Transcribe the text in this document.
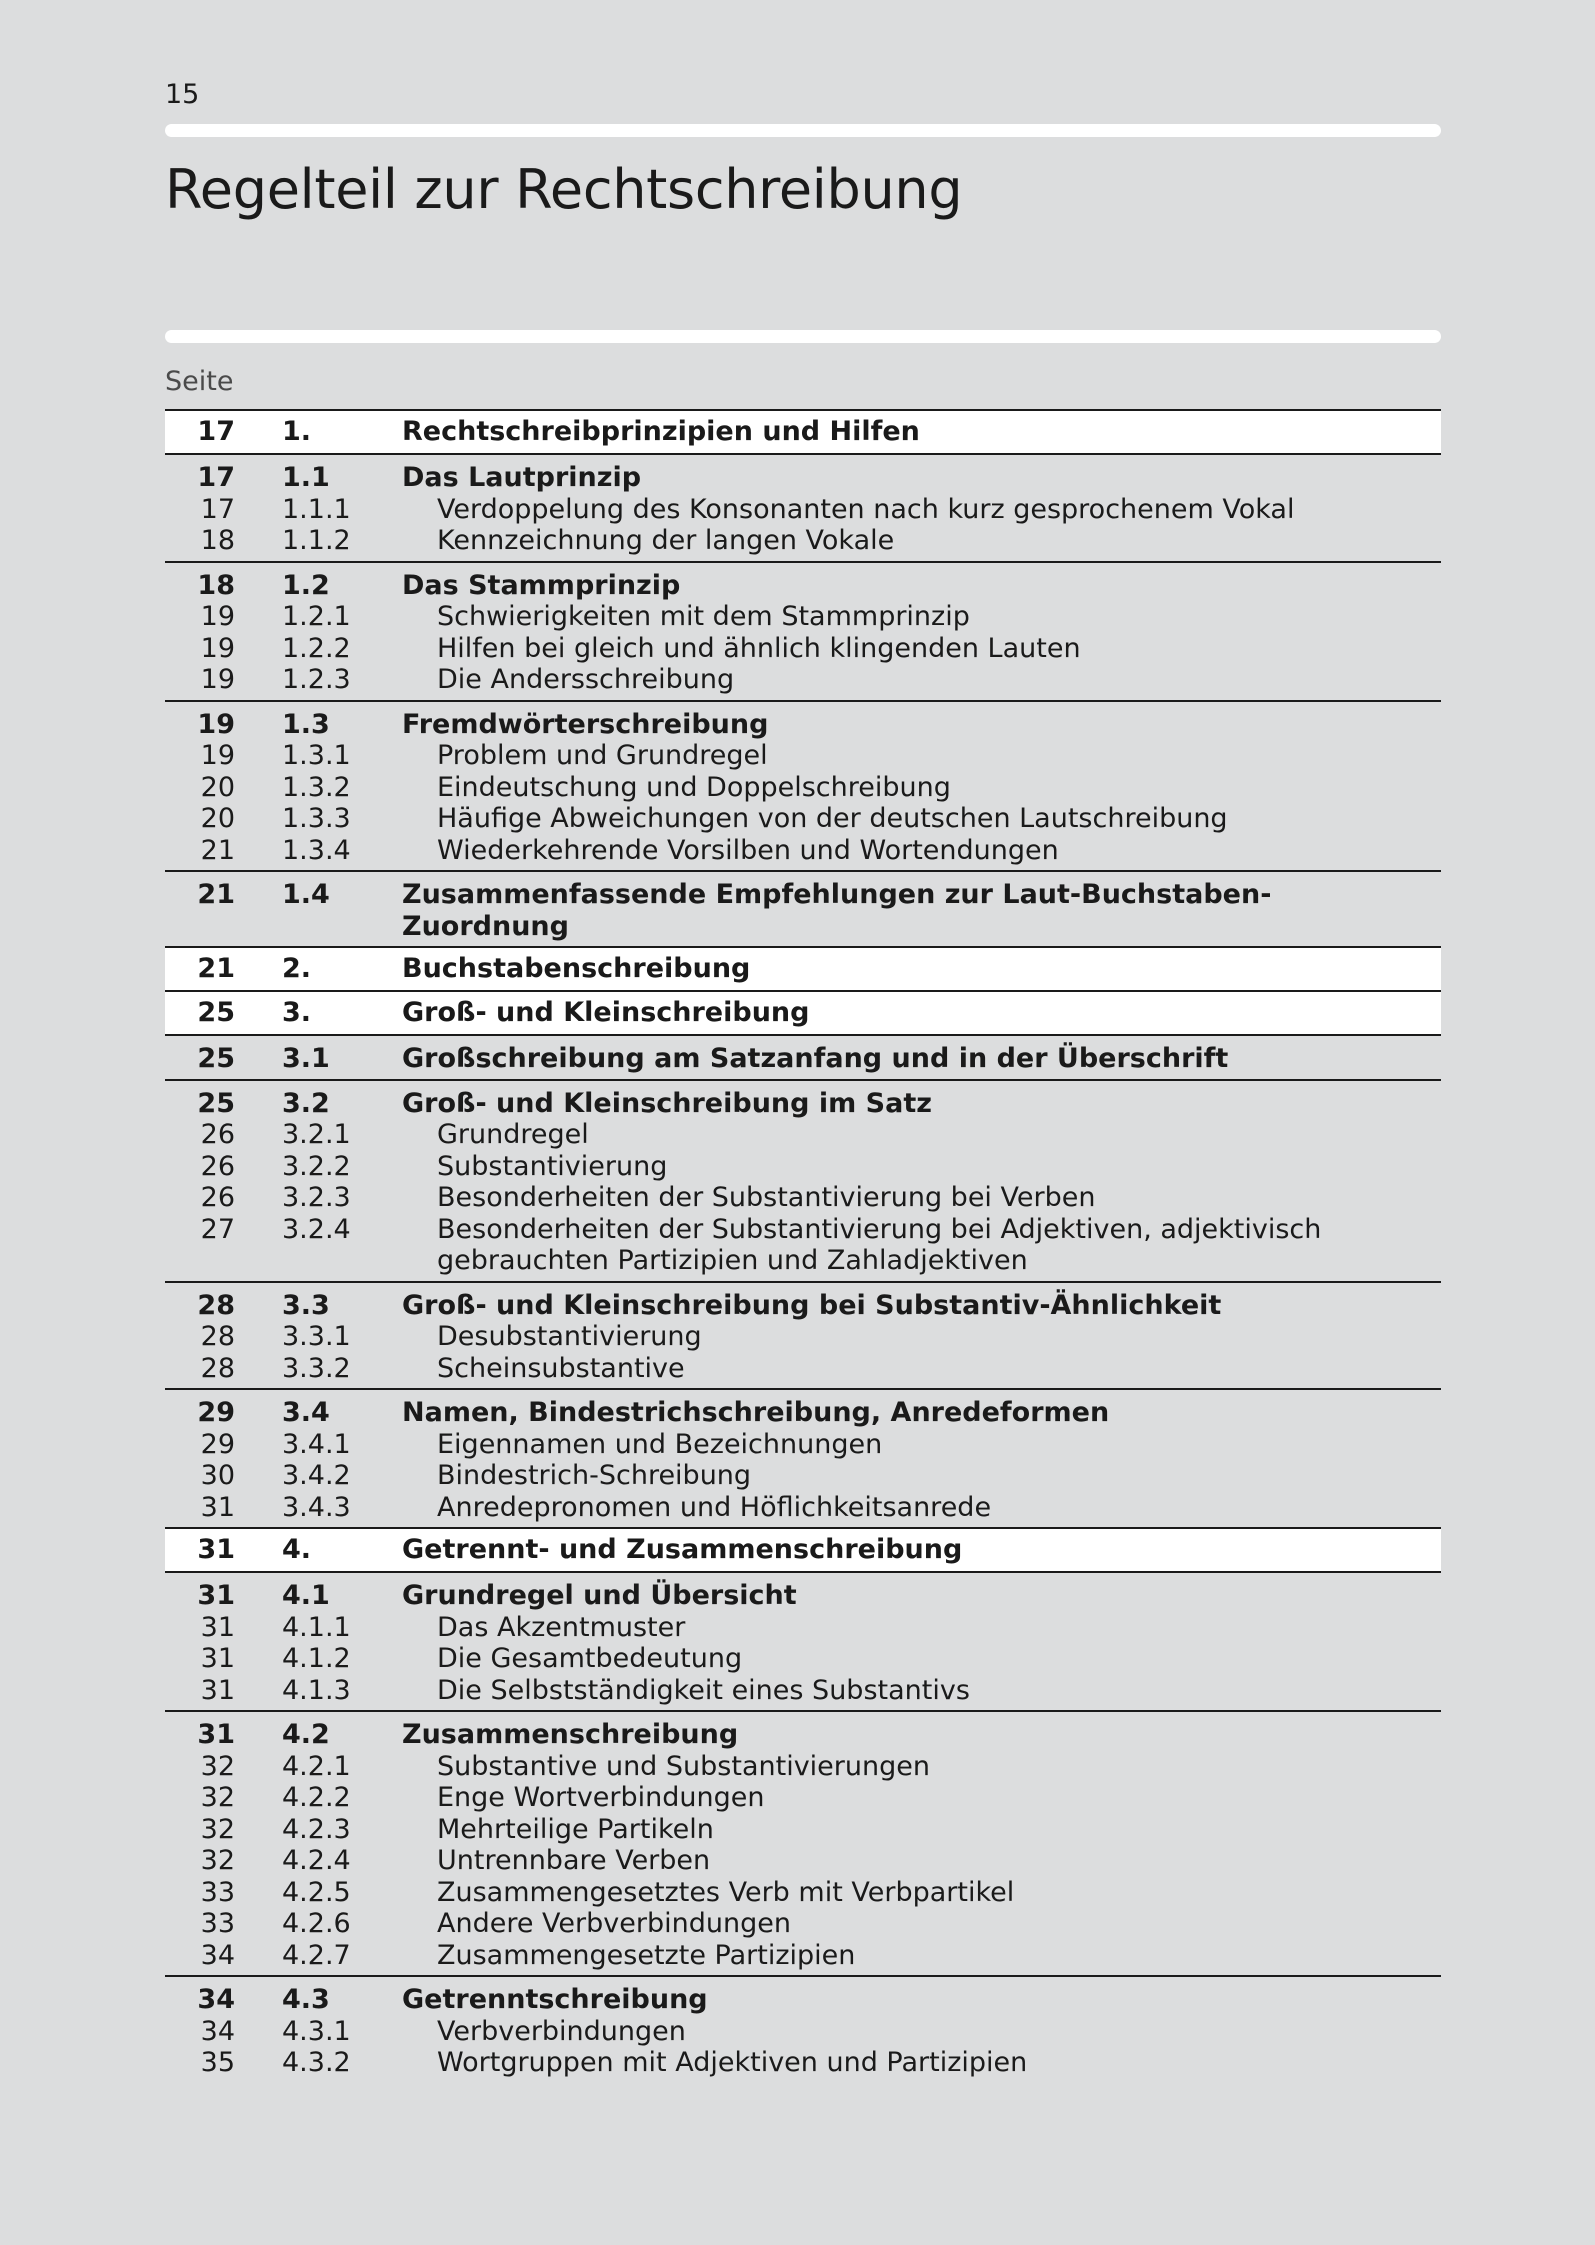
15
Regelteil zur Rechtschreibung
Seite
17	1.	Rechtschreibprinzipien und Hilfen
17	1.1	Das Lautprinzip
17	1.1.1	Verdoppelung des Konsonanten nach kurz gesprochenem Vokal
18	1.1.2	Kennzeichnung der langen Vokale
18	1.2	Das Stammprinzip
19	1.2.1	Schwierigkeiten mit dem Stammprinzip
19	1.2.2	Hilfen bei gleich und ähnlich klingenden Lauten
19	1.2.3	Die Andersschreibung
19	1.3	Fremdwörterschreibung
19	1.3.1	Problem und Grundregel
20	1.3.2	Eindeutschung und Doppelschreibung
20	1.3.3	Häufige Abweichungen von der deutschen Lautschreibung
21	1.3.4	Wiederkehrende Vorsilben und Wortendungen
21	1.4	Zusammenfassende Empfehlungen zur Laut-Buchstaben-Zuordnung
21	2.	Buchstabenschreibung
25	3.	Groß- und Kleinschreibung
25	3.1	Großschreibung am Satzanfang und in der Überschrift
25	3.2	Groß- und Kleinschreibung im Satz
26	3.2.1	Grundregel
26	3.2.2	Substantivierung
26	3.2.3	Besonderheiten der Substantivierung bei Verben
27	3.2.4	Besonderheiten der Substantivierung bei Adjektiven, adjektivisch gebrauchten Partizipien und Zahladjektiven
28	3.3	Groß- und Kleinschreibung bei Substantiv-Ähnlichkeit
28	3.3.1	Desubstantivierung
28	3.3.2	Scheinsubstantive
29	3.4	Namen, Bindestrichschreibung, Anredeformen
29	3.4.1	Eigennamen und Bezeichnungen
30	3.4.2	Bindestrich-Schreibung
31	3.4.3	Anredepronomen und Höflichkeitsanrede
31	4.	Getrennt- und Zusammenschreibung
31	4.1	Grundregel und Übersicht
31	4.1.1	Das Akzentmuster
31	4.1.2	Die Gesamtbedeutung
31	4.1.3	Die Selbstständigkeit eines Substantivs
31	4.2	Zusammenschreibung
32	4.2.1	Substantive und Substantivierungen
32	4.2.2	Enge Wortverbindungen
32	4.2.3	Mehrteilige Partikeln
32	4.2.4	Untrennbare Verben
33	4.2.5	Zusammengesetztes Verb mit Verbpartikel
33	4.2.6	Andere Verbverbindungen
34	4.2.7	Zusammengesetzte Partizipien
34	4.3	Getrenntschreibung
34	4.3.1	Verbverbindungen
35	4.3.2	Wortgruppen mit Adjektiven und Partizipien
